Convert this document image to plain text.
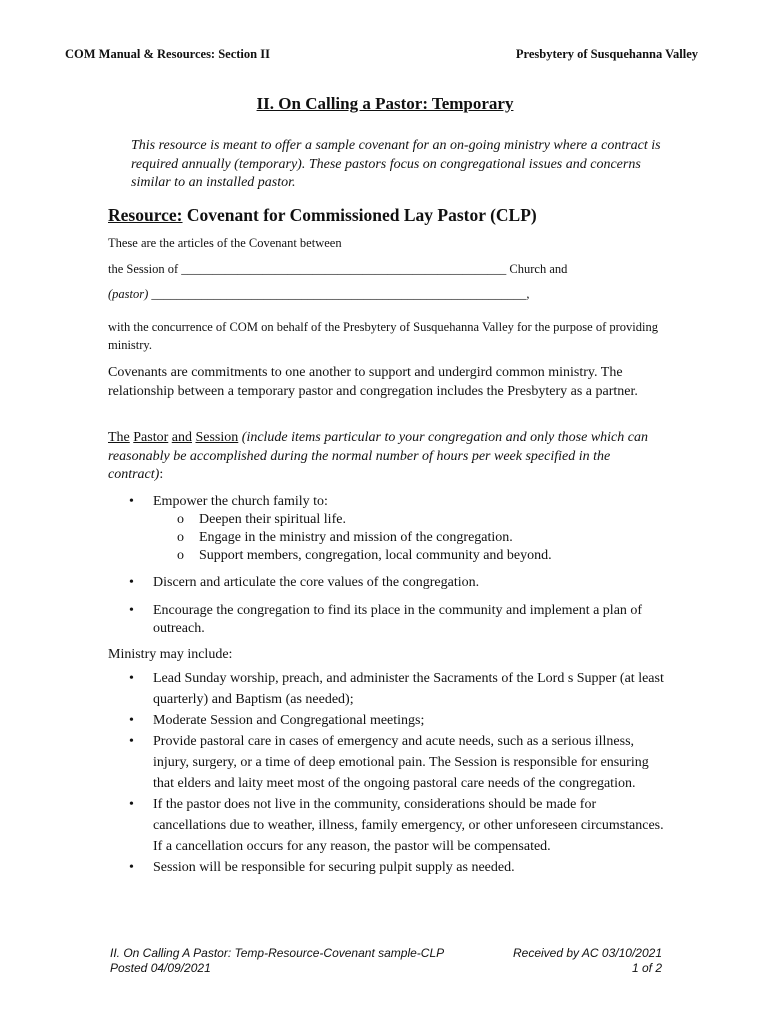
COM Manual & Resources: Section II	Presbytery of Susquehanna Valley
II. On Calling a Pastor: Temporary
This resource is meant to offer a sample covenant for an on-going ministry where a contract is required annually (temporary). These pastors focus on congregational issues and concerns similar to an installed pastor.
Resource: Covenant for Commissioned Lay Pastor (CLP)
These are the articles of the Covenant between
the Session of ____________________________________________________ Church and
(pastor) ____________________________________________________________,
with the concurrence of COM on behalf of the Presbytery of Susquehanna Valley for the purpose of providing ministry.
Covenants are commitments to one another to support and undergird common ministry. The relationship between a temporary pastor and congregation includes the Presbytery as a partner.
The Pastor and Session (include items particular to your congregation and only those which can reasonably be accomplished during the normal number of hours per week specified in the contract):
• Empower the church family to:
o Deepen their spiritual life.
o Engage in the ministry and mission of the congregation.
o Support members, congregation, local community and beyond.
• Discern and articulate the core values of the congregation.
• Encourage the congregation to find its place in the community and implement a plan of outreach.
Ministry may include:
• Lead Sunday worship, preach, and administer the Sacraments of the Lord s Supper (at least quarterly) and Baptism (as needed);
• Moderate Session and Congregational meetings;
• Provide pastoral care in cases of emergency and acute needs, such as a serious illness, injury, surgery, or a time of deep emotional pain. The Session is responsible for ensuring that elders and laity meet most of the ongoing pastoral care needs of the congregation.
• If the pastor does not live in the community, considerations should be made for cancellations due to weather, illness, family emergency, or other unforeseen circumstances. If a cancellation occurs for any reason, the pastor will be compensated.
• Session will be responsible for securing pulpit supply as needed.
II. On Calling A Pastor: Temp-Resource-Covenant sample-CLP
Posted 04/09/2021
Received by AC 03/10/2021
1 of 2
